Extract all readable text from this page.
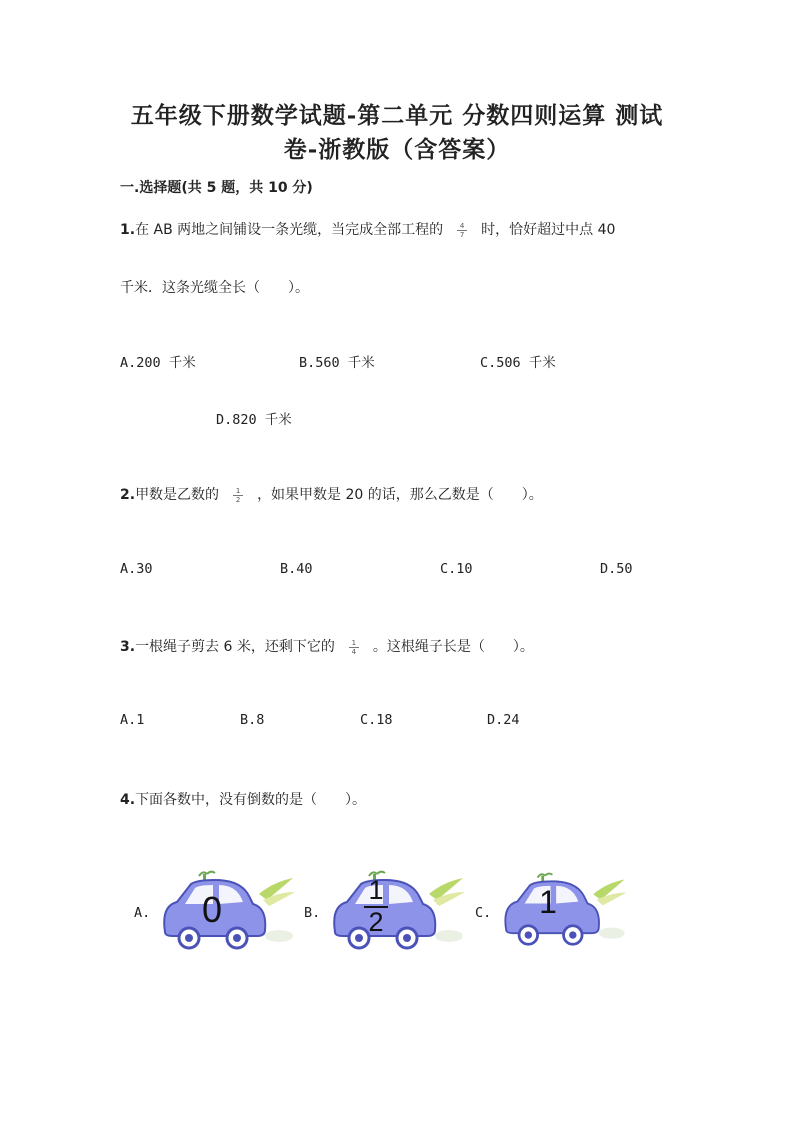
五年级下册数学试题-第二单元 分数四则运算 测试
卷-浙教版（含答案）
一.选择题(共 5 题，共 10 分)
1.在 AB 两地之间铺设一条光缆，当完成全部工程的 $\frac{4}{7}$ 时，恰好超过中点 40
千米．这条光缆全长（　　）。
A.200 千米	B.560 千米	C.506 千米
D.820 千米
2.甲数是乙数的 $\frac{1}{2}$ ，如果甲数是 20 的话，那么乙数是（　　）。
A.30	B.40	C.10	D.50
3.一根绳子剪去 6 米，还剩下它的 $\frac{1}{4}$ 。这根绳子长是（　　）。
A.1	B.8	C.18	D.24
4.下面各数中，没有倒数的是（　　）。
A.	B.	C.
0	1
2
1
